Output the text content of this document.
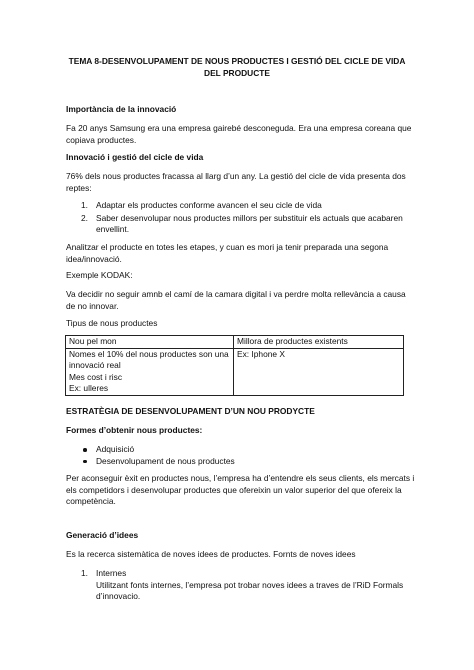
TEMA 8-DESENVOLUPAMENT DE NOUS PRODUCTES I GESTIÓ DEL CICLE DE VIDA DEL PRODUCTE
Importància de la innovació
Fa 20 anys Samsung era una empresa gairebé desconeguda. Era una empresa coreana que copiava productes.
Innovació i gestió del cicle de vida
76% dels nous productes fracassa al llarg d’un any. La gestió del cicle de vida presenta dos reptes:
1. Adaptar els productes conforme avancen el seu cicle de vida
2. Saber desenvolupar nous productes millors per substituir els actuals que acabaren envellint.
Analitzar el producte en totes les etapes, y cuan es mori ja tenir preparada una segona idea/innovació.
Exemple KODAK:
Va decidir no seguir amnb el camí de la camara digital i va perdre molta rellevància a causa de no innovar.
Tipus de nous productes
Nou pel mon	Millora de productes existents

Nomes el 10% del nous productes son una innovació real
Mes cost i risc
Ex: ulleres	Ex: Iphone X
ESTRATÈGIA DE DESENVOLUPAMENT D’UN NOU PRODYCTE
Formes d’obtenir nous productes:
Adquisició
Desenvolupament de nous productes
Per aconseguir èxit en productes nous, l’empresa ha d’entendre els seus clients, els mercats i els competidors i desenvolupar productes que ofereixin un valor superior del que ofereix la competència.
Generació d’idees
Es la recerca sistemàtica de noves idees de productes. Fornts de noves idees
1. Internes
Utilitzant fonts internes, l’empresa pot trobar noves idees a traves de l’RiD Formals d’innovacio.
